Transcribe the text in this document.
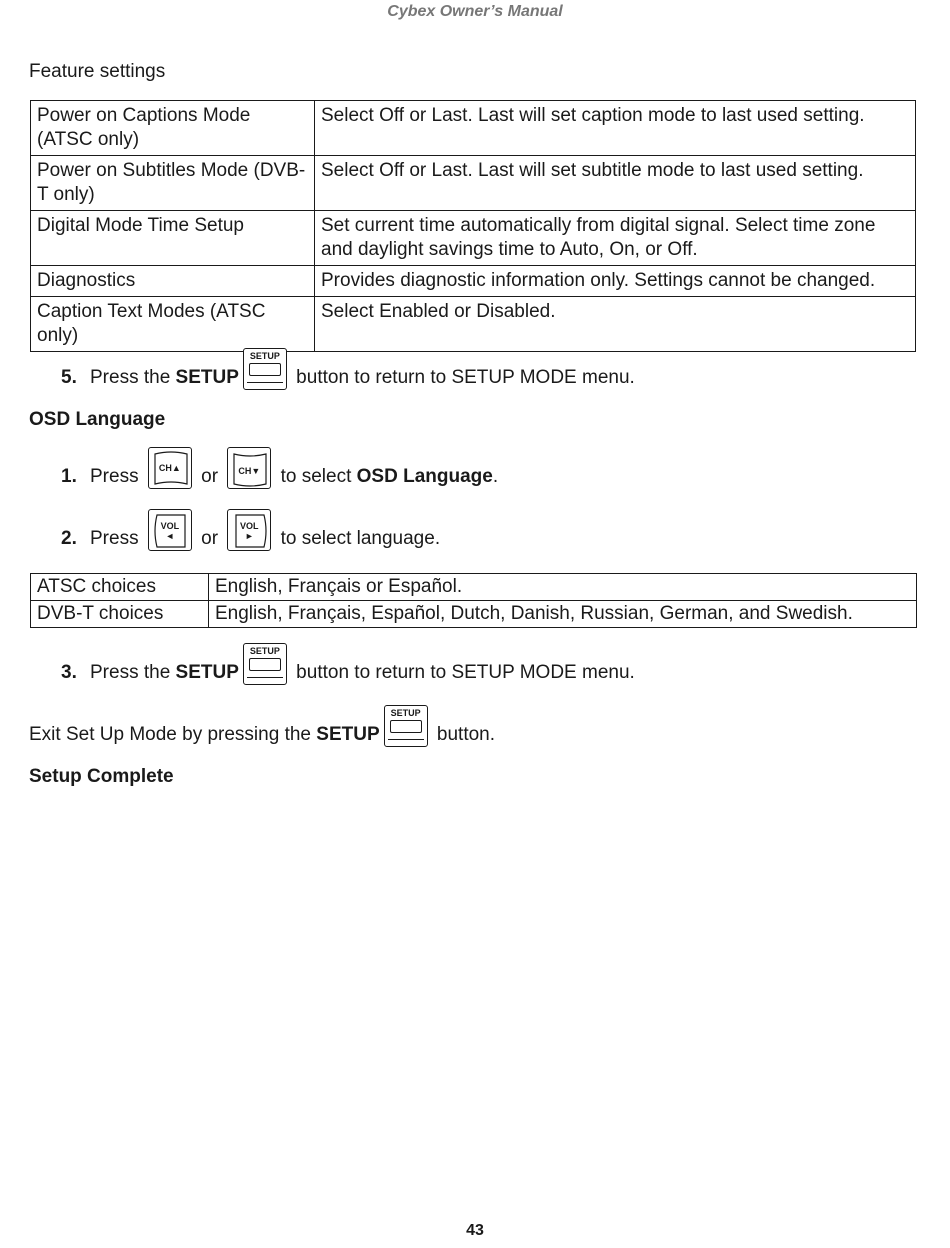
Cybex Owner’s Manual
Feature settings
Power on Captions Mode (ATSC only)	Select Off or Last. Last will set caption mode to last used setting.
Power on Subtitles Mode (DVB-T only)	Select Off or Last. Last will set subtitle mode to last used setting.
Digital Mode Time Setup	Set current time automatically from digital signal. Select time zone and daylight savings time to Auto, On, or Off.
Diagnostics	Provides diagnostic information only. Settings cannot be changed.
Caption Text Modes (ATSC only)	Select Enabled or Disabled.
5. Press the SETUP
SETUP
button to return to SETUP MODE menu.
OSD Language
1. Press	CH▲ or	CH▼ to select OSD Language.
2. Press
VOL
◄	or
VOL
►	to select language.
ATSC choices	English, Français or Español.
DVB-T choices	English, Français, Español, Dutch, Danish, Russian, German, and Swedish.
3. Press the SETUP
SETUP
button to return to SETUP MODE menu.
Exit Set Up Mode by pressing the SETUP
SETUP
button.
Setup Complete
43
